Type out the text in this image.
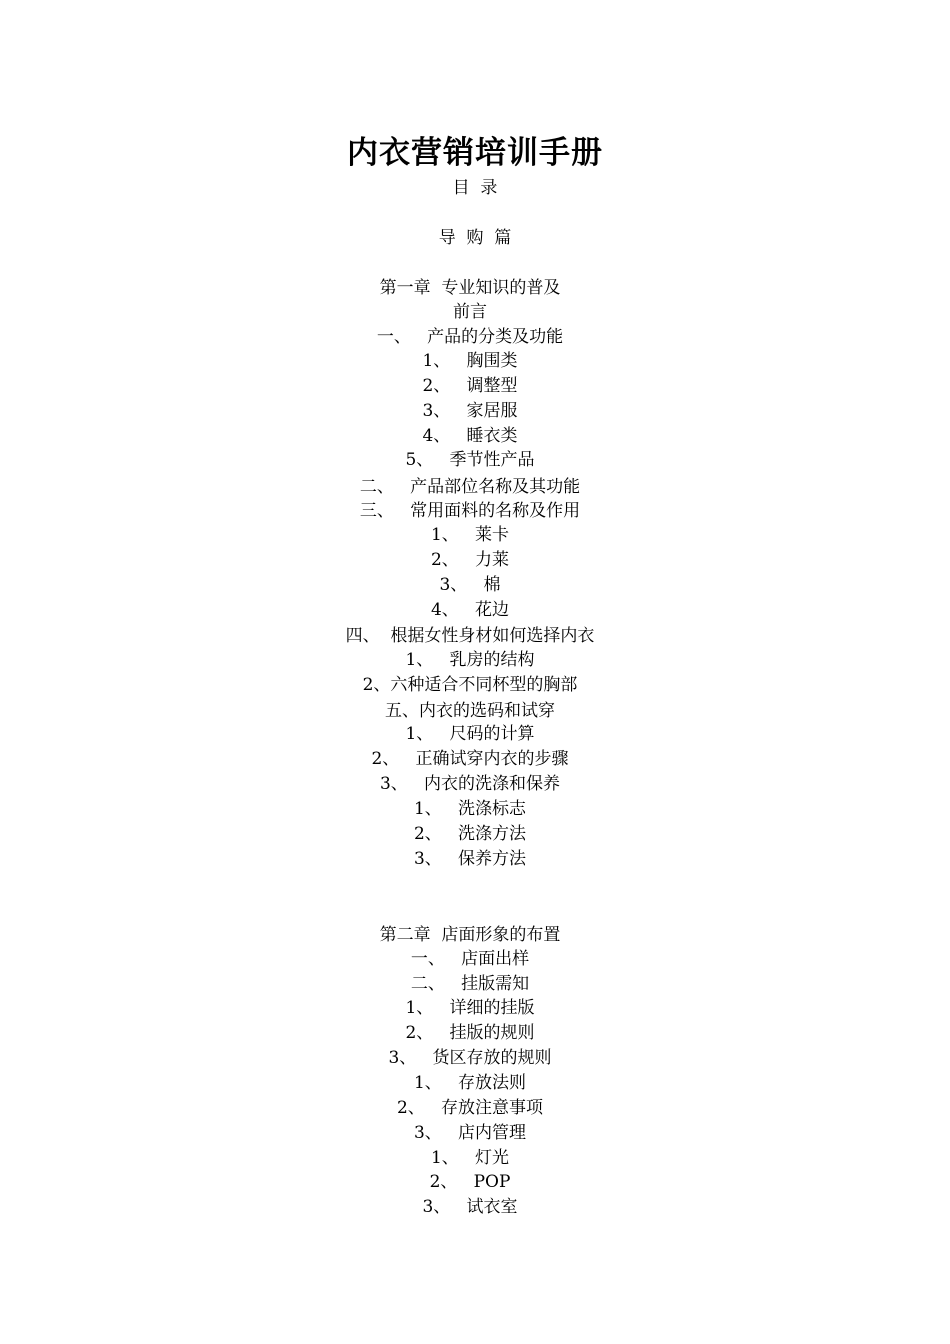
内衣营销培训手册
目  录
导  购  篇
第一章  专业知识的普及
前言
一、   产品的分类及功能
1、   胸围类
2、   调整型
3、   家居服
4、   睡衣类
5、   季节性产品
二、   产品部位名称及其功能
三、   常用面料的名称及作用
1、   莱卡
2、   力莱
3、   棉
4、   花边
四、  根据女性身材如何选择内衣
1、   乳房的结构
2、六种适合不同杯型的胸部
五、内衣的选码和试穿
1、   尺码的计算
2、   正确试穿内衣的步骤
3、   内衣的洗涤和保养
1、   洗涤标志
2、   洗涤方法
3、   保养方法
第二章  店面形象的布置
一、   店面出样
二、   挂版需知
1、   详细的挂版
2、   挂版的规则
3、   货区存放的规则
1、   存放法则
2、   存放注意事项
3、   店内管理
1、   灯光
2、   POP
3、   试衣室
